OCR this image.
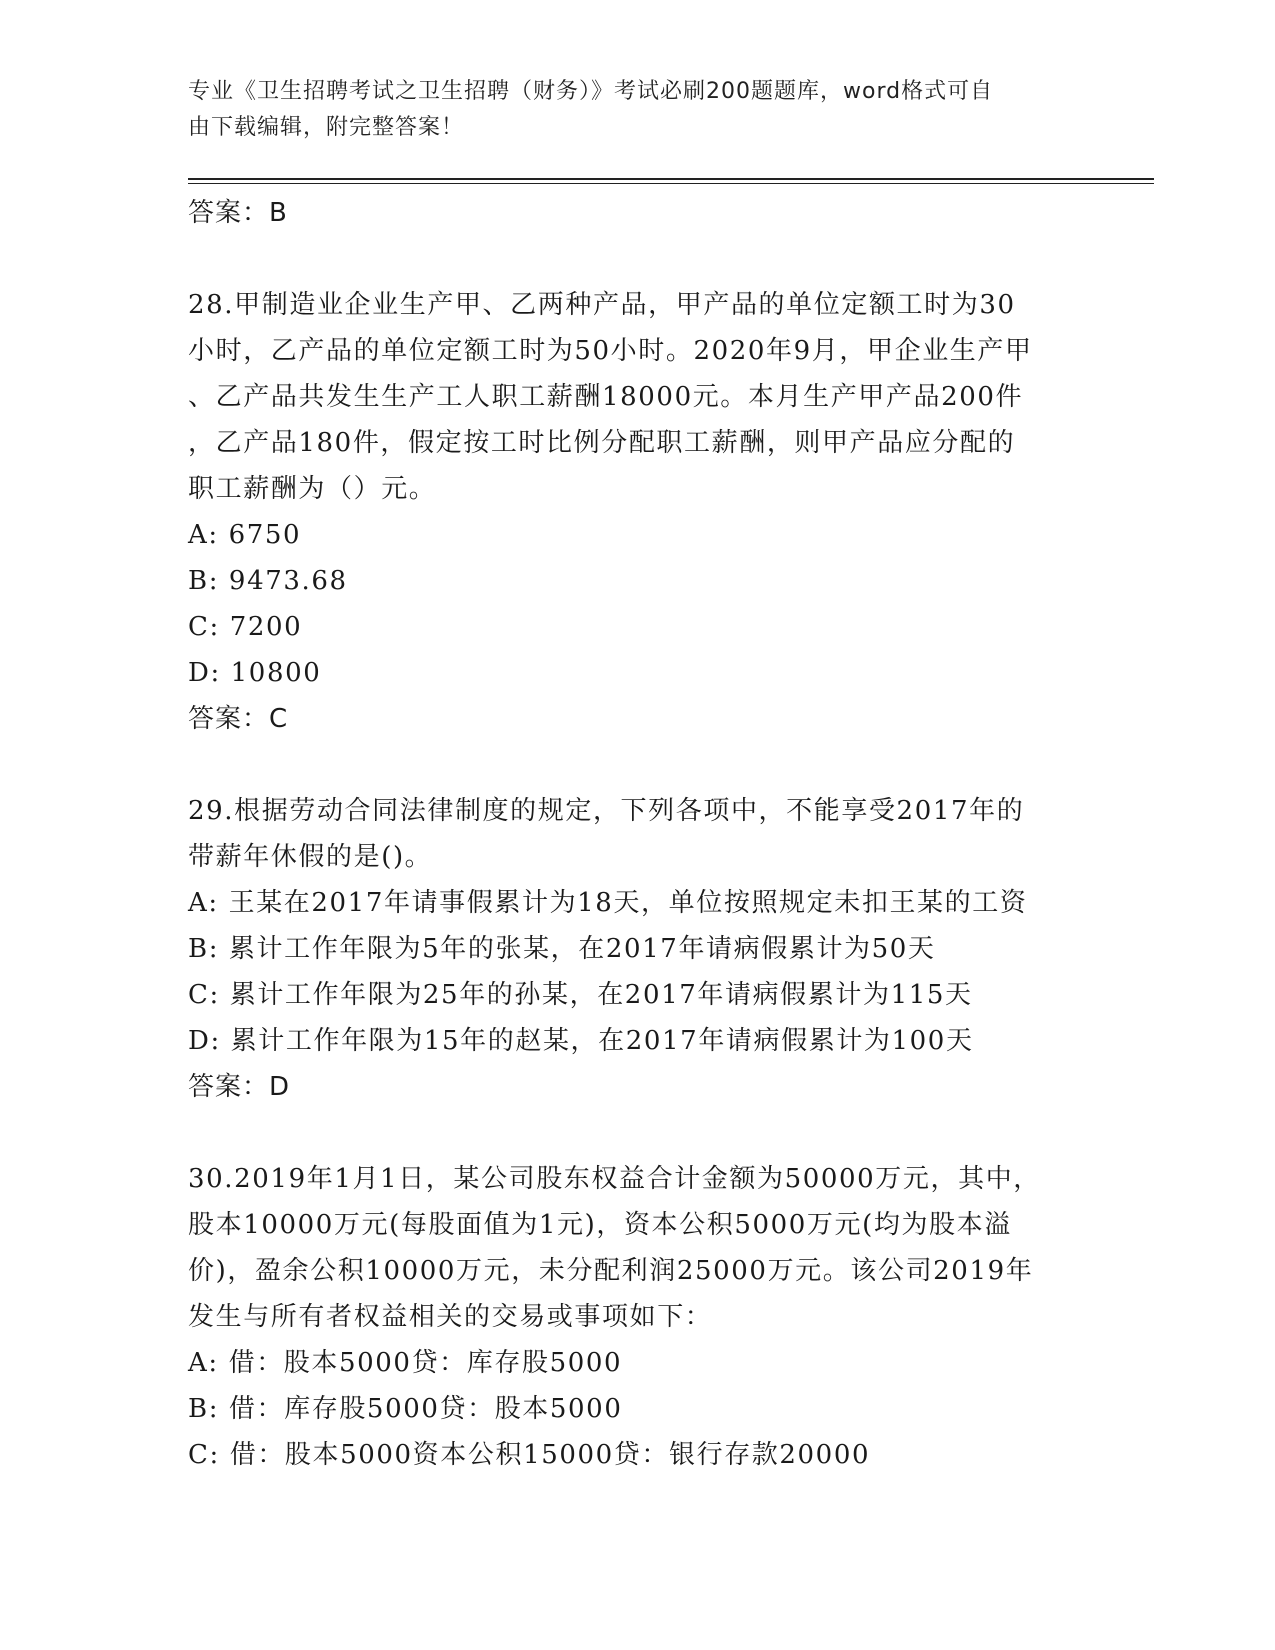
专业《卫生招聘考试之卫生招聘（财务）》考试必刷200题题库，word格式可自
由下载编辑，附完整答案！
答案：B
28.甲制造业企业生产甲、乙两种产品，甲产品的单位定额工时为30
小时，乙产品的单位定额工时为50小时。2020年9月，甲企业生产甲
、乙产品共发生生产工人职工薪酬18000元。本月生产甲产品200件
，乙产品180件，假定按工时比例分配职工薪酬，则甲产品应分配的
职工薪酬为（）元。
A: 6750
B: 9473.68
C: 7200
D: 10800
答案：C
29.根据劳动合同法律制度的规定，下列各项中，不能享受2017年的
带薪年休假的是()。
A: 王某在2017年请事假累计为18天，单位按照规定未扣王某的工资
B: 累计工作年限为5年的张某，在2017年请病假累计为50天
C: 累计工作年限为25年的孙某，在2017年请病假累计为115天
D: 累计工作年限为15年的赵某，在2017年请病假累计为100天
答案：D
30.2019年1月1日，某公司股东权益合计金额为50000万元，其中，
股本10000万元(每股面值为1元)，资本公积5000万元(均为股本溢
价)，盈余公积10000万元，未分配利润25000万元。该公司2019年
发生与所有者权益相关的交易或事项如下：
A: 借：股本5000贷：库存股5000
B: 借：库存股5000贷：股本5000
C: 借：股本5000资本公积15000贷：银行存款20000
